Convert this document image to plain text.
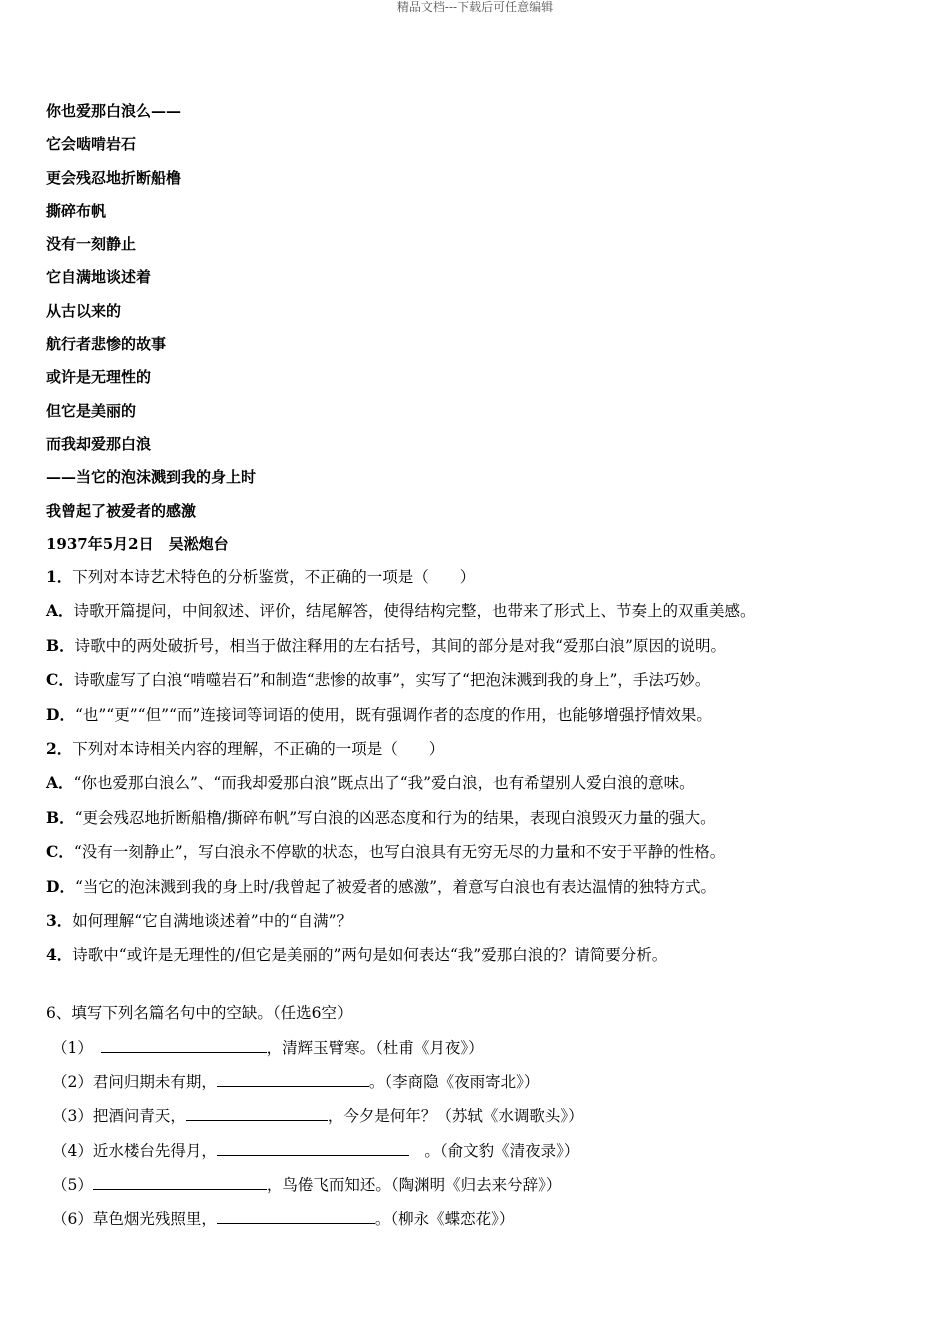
精品文档---下载后可任意编辑
你也爱那白浪么——
它会啮啃岩石
更会残忍地折断船橹
撕碎布帆
没有一刻静止
它自满地谈述着
从古以来的
航行者悲惨的故事
或许是无理性的
但它是美丽的
而我却爱那白浪
——当它的泡沫溅到我的身上时
我曾起了被爱者的感激
1937年5月2日　吴淞炮台
1．下列对本诗艺术特色的分析鉴赏，不正确的一项是（　　）
A．诗歌开篇提问，中间叙述、评价，结尾解答，使得结构完整，也带来了形式上、节奏上的双重美感。
B．诗歌中的两处破折号，相当于做注释用的左右括号，其间的部分是对我“爱那白浪”原因的说明。
C．诗歌虚写了白浪“啃噬岩石”和制造“悲惨的故事”，实写了“把泡沫溅到我的身上”，手法巧妙。
D．“也”“更”“但”“而”连接词等词语的使用，既有强调作者的态度的作用，也能够增强抒情效果。
2．下列对本诗相关内容的理解，不正确的一项是（　　）
A．“你也爱那白浪么”、“而我却爱那白浪”既点出了“我”爱白浪，也有希望别人爱白浪的意味。
B．“更会残忍地折断船橹/撕碎布帆”写白浪的凶恶态度和行为的结果，表现白浪毁灭力量的强大。
C．“没有一刻静止”，写白浪永不停歇的状态，也写白浪具有无穷无尽的力量和不安于平静的性格。
D．“当它的泡沫溅到我的身上时/我曾起了被爱者的感激”，着意写白浪也有表达温情的独特方式。
3．如何理解“它自满地谈述着”中的“自满”？
4．诗歌中“或许是无理性的/但它是美丽的”两句是如何表达“我”爱那白浪的？请简要分析。
6、填写下列名篇名句中的空缺。（任选6空）
（1）　	，清辉玉臂寒。（杜甫《月夜》）
（2）君问归期未有期，	。（李商隐《夜雨寄北》）
（3）把酒问青天，	，今夕是何年？（苏轼《水调歌头》）
（4）近水楼台先得月，	　。（俞文豹《清夜录》）
（5）	，鸟倦飞而知还。（陶渊明《归去来兮辞》）
（6）草色烟光残照里，	。（柳永《蝶恋花》）
